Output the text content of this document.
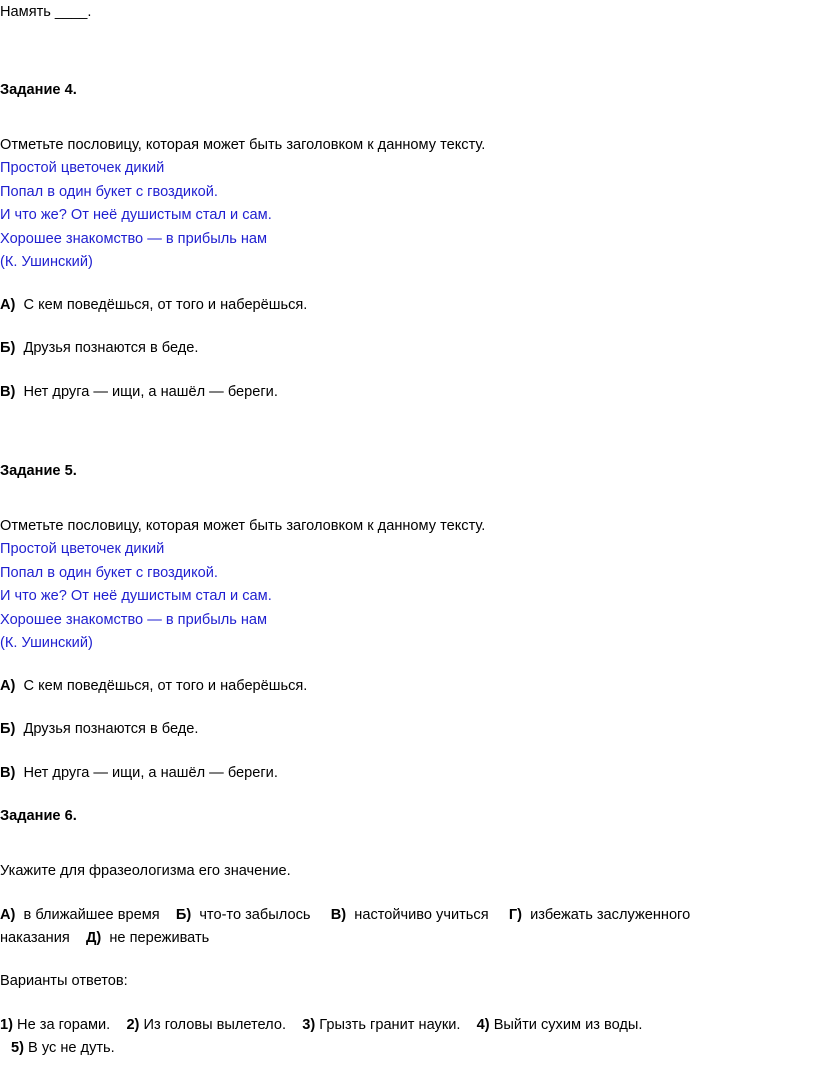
Намять ____.
Задание 4.
Отметьте пословицу, которая может быть заголовком к данному тексту.
Простой цветочек дикий
Попал в один букет с гвоздикой.
И что же? От неё душистым стал и сам.
Хорошее знакомство — в прибыль нам
(К. Ушинский)
А) С кем поведёшься, от того и наберёшься.
Б) Друзья познаются в беде.
В) Нет друга — ищи, а нашёл — береги.
Задание 5.
Отметьте пословицу, которая может быть заголовком к данному тексту.
Простой цветочек дикий
Попал в один букет с гвоздикой.
И что же? От неё душистым стал и сам.
Хорошее знакомство — в прибыль нам
(К. Ушинский)
А) С кем поведёшься, от того и наберёшься.
Б) Друзья познаются в беде.
В) Нет друга — ищи, а нашёл — береги.
Задание 6.
Укажите для фразеологизма его значение.
А) в ближайшее время Б) что-то забылось В) настойчиво учиться Г) избежать заслуженного
наказания Д) не переживать
Варианты ответов:
1) Не за горами. 2) Из головы вылетело. 3) Грызть гранит науки. 4) Выйти сухим из воды.
5) В ус не дуть.
